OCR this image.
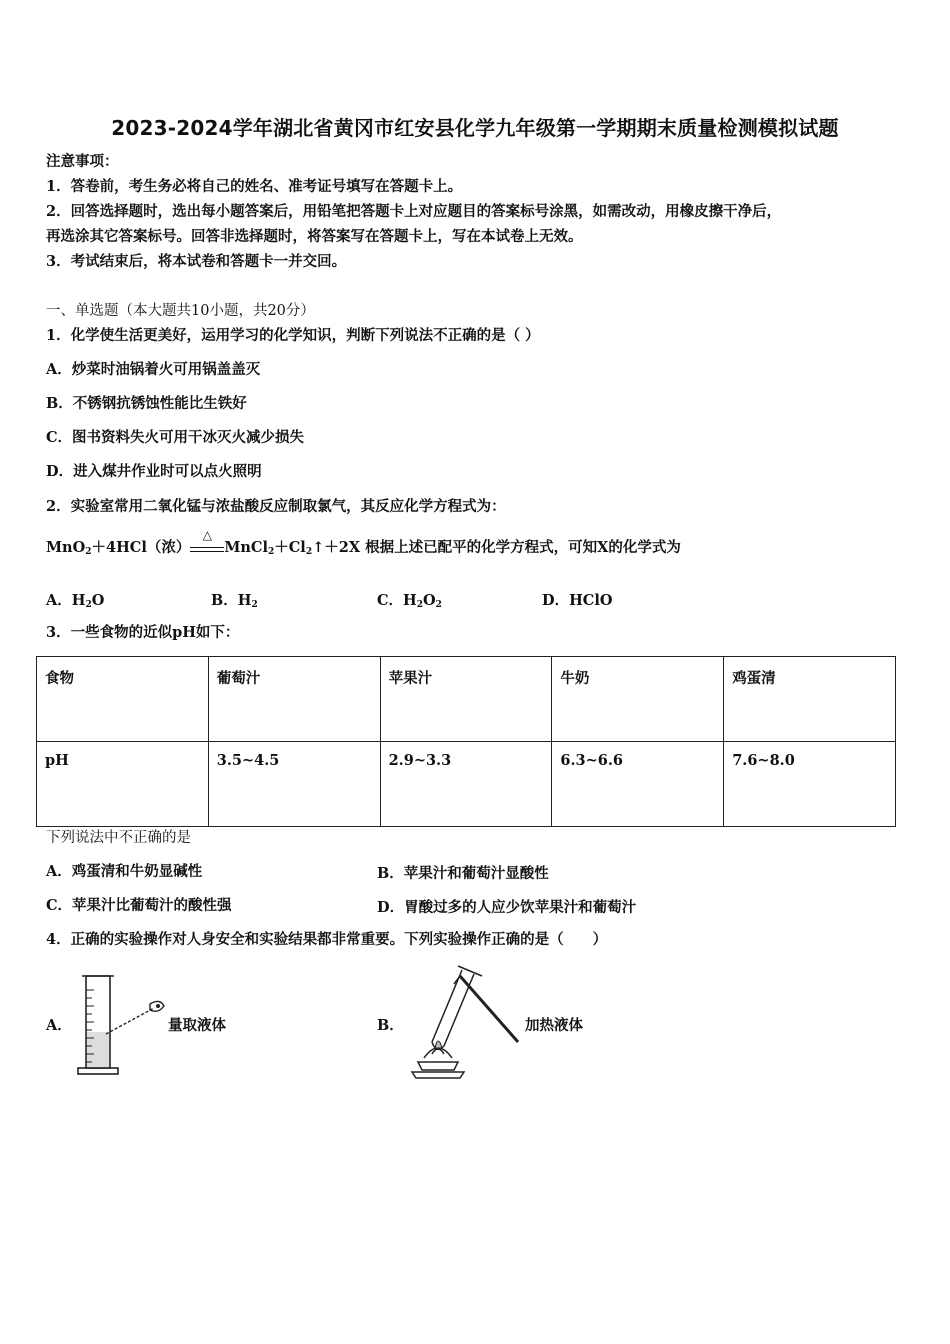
2023-2024学年湖北省黄冈市红安县化学九年级第一学期期末质量检测模拟试题
注意事项：
1．答卷前，考生务必将自己的姓名、准考证号填写在答题卡上。
2．回答选择题时，选出每小题答案后，用铅笔把答题卡上对应题目的答案标号涂黑，如需改动，用橡皮擦干净后，
再选涂其它答案标号。回答非选择题时，将答案写在答题卡上，写在本试卷上无效。
3．考试结束后，将本试卷和答题卡一并交回。
一、单选题（本大题共10小题，共20分）
1．化学使生活更美好，运用学习的化学知识，判断下列说法不正确的是（ ）
A．炒菜时油锅着火可用锅盖盖灭
B．不锈钢抗锈蚀性能比生铁好
C．图书资料失火可用干冰灭火减少损失
D．进入煤井作业时可以点火照明
2．实验室常用二氧化锰与浓盐酸反应制取氯气，其反应化学方程式为：
MnO$_2$＋4HCl（浓）
△
$MnCl_2+Cl_2↑+2X$ 根据上述已配平的化学方程式，可知X的化学式为
A．$H_2O$	B．$H_2$	C．$H_2O_2$	D．HClO
3．一些食物的近似pH如下：
食物	葡萄汁	苹果汁	牛奶	鸡蛋清
pH	3.5~4.5	2.9~3.3	6.3~6.6	7.6~8.0
下列说法中不正确的是
A．鸡蛋清和牛奶显碱性	B．苹果汁和葡萄汁显酸性
C．苹果汁比葡萄汁的酸性强	D．胃酸过多的人应少饮苹果汁和葡萄汁
4．正确的实验操作对人身安全和实验结果都非常重要。下列实验操作正确的是（　　）
A．	量取液体	B．	加热液体
